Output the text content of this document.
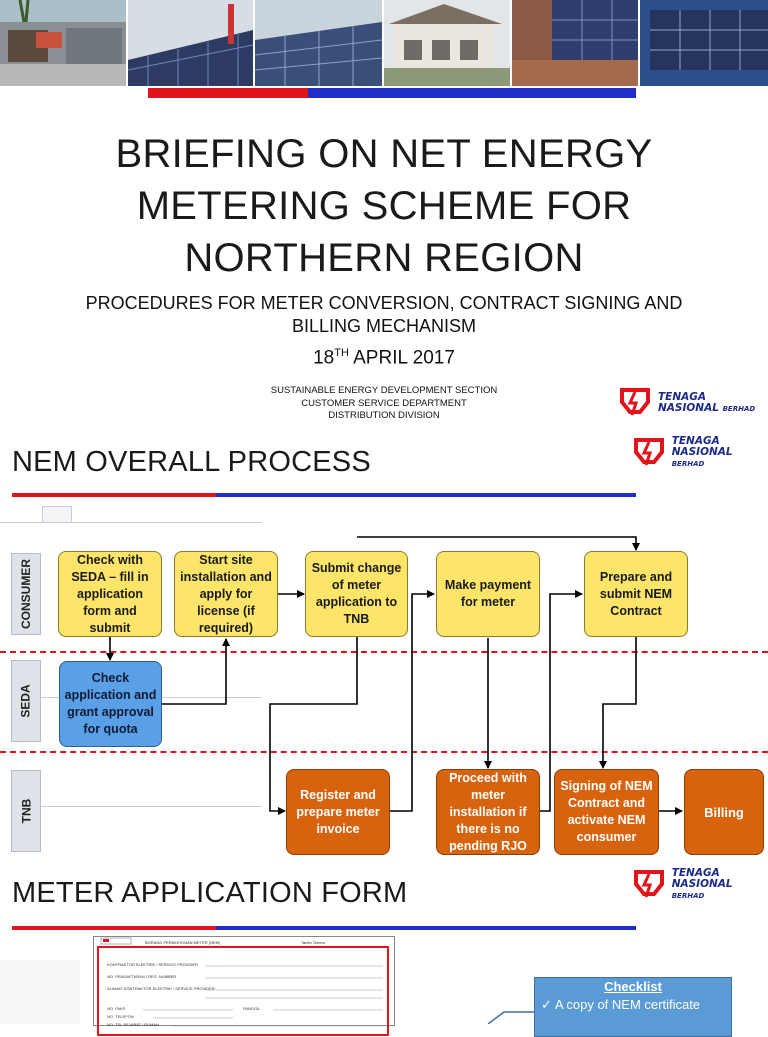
BRIEFING ON NET ENERGY
METERING SCHEME FOR
NORTHERN REGION
PROCEDURES FOR METER CONVERSION, CONTRACT SIGNING AND
BILLING MECHANISM
18TH APRIL 2017
SUSTAINABLE ENERGY DEVELOPMENT SECTION
CUSTOMER SERVICE DEPARTMENT
DISTRIBUTION DIVISION
TENAGA
NASIONAL BERHAD
NEM OVERALL PROCESS
TENAGA
NASIONAL BERHAD
CONSUMER
SEDA
TNB
Check with SEDA – fill in application form and submit
Start site installation and apply for license (if required)
Submit change of meter application to TNB
Make payment for meter
Prepare and submit NEM Contract
Check application and grant approval for quota
Register and prepare meter invoice
Proceed with meter installation if there is no pending RJO
Signing of NEM Contract and activate NEM consumer
Billing
METER APPLICATION FORM
TENAGA
NASIONAL BERHAD
BORANG PERMOHONAN METER (NEM)	Tarikh Terima
KONTRAKTOR ELEKTRIK / SERVICE PROVIDER
NO. PENDAFTARAN / REG. NUMBER
ALAMAT KONTRAKTOR ELEKTRIK / SERVICE PROVIDER
NO. FAKS	PANGGIL
NO. TELEFON
NO. TEL PEJABAT / RUMAH
Checklist
✓ A copy of NEM certificate
